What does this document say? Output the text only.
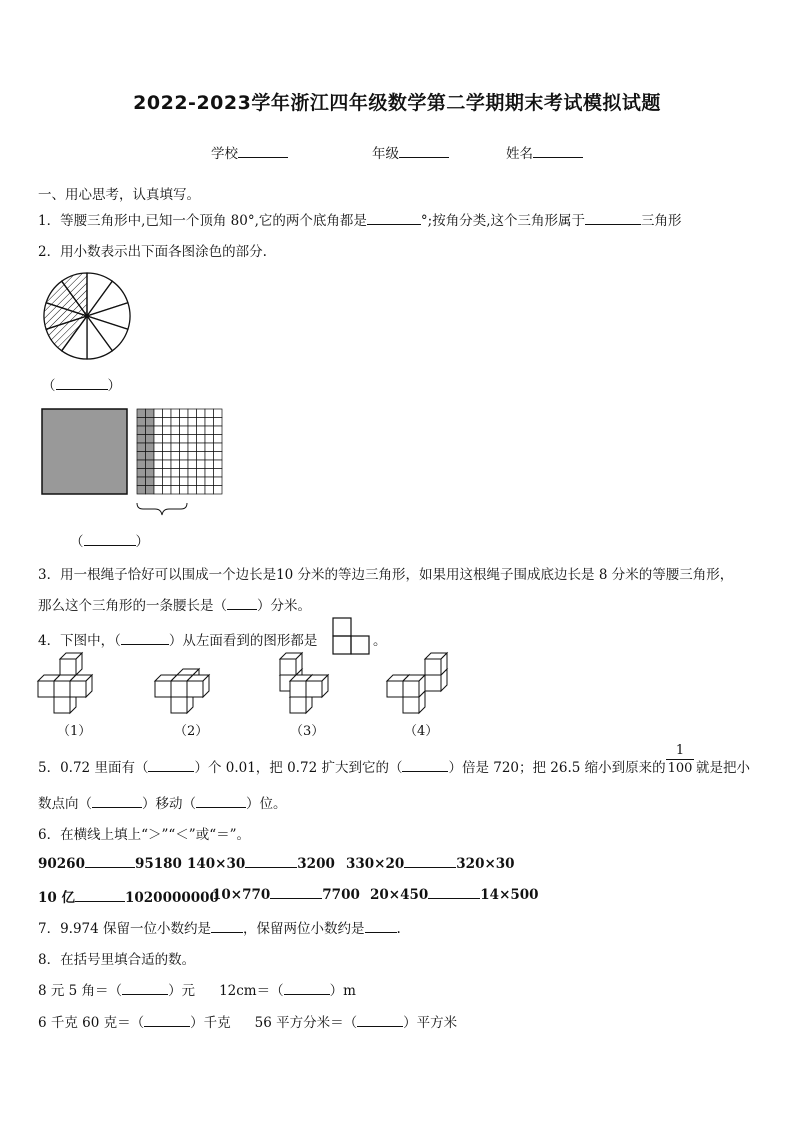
2022-2023学年浙江四年级数学第二学期期末考试模拟试题
学校	年级	姓名
一、用心思考，认真填写。
1．等腰三角形中,已知一个顶角 80°,它的两个底角都是	°;按角分类,这个三角形属于	三角形
2．用小数表示出下面各图涂色的部分.
（	）
（	）
3．用一根绳子恰好可以围成一个边长是10 分米的等边三角形，如果用这根绳子围成底边长是 8 分米的等腰三角形，
那么这个三角形的一条腰长是（ ）分米。
4．下图中，（	）从左面看到的图形都是	。
（1）	（2）	（3）	（4）
5．0.72 里面有（	）个 0.01，把 0.72 扩大到它的（	）倍是 720；把 26.5 缩小到原来的
1
100 就是把小
数点向（	）移动（	）位。
6．在横线上填上“＞”“＜”或“＝”。
90260	95180 140×30	3200 330×20	320×30
10 亿	1020000000
10×770	7700 20×450	14×500
7．9.974 保留一位小数约是 ，保留两位小数约是 .
8．在括号里填合适的数。
8 元 5 角＝（	）元 12cm＝（	）m
6 千克 60 克＝（	）千克 56 平方分米＝（	）平方米
